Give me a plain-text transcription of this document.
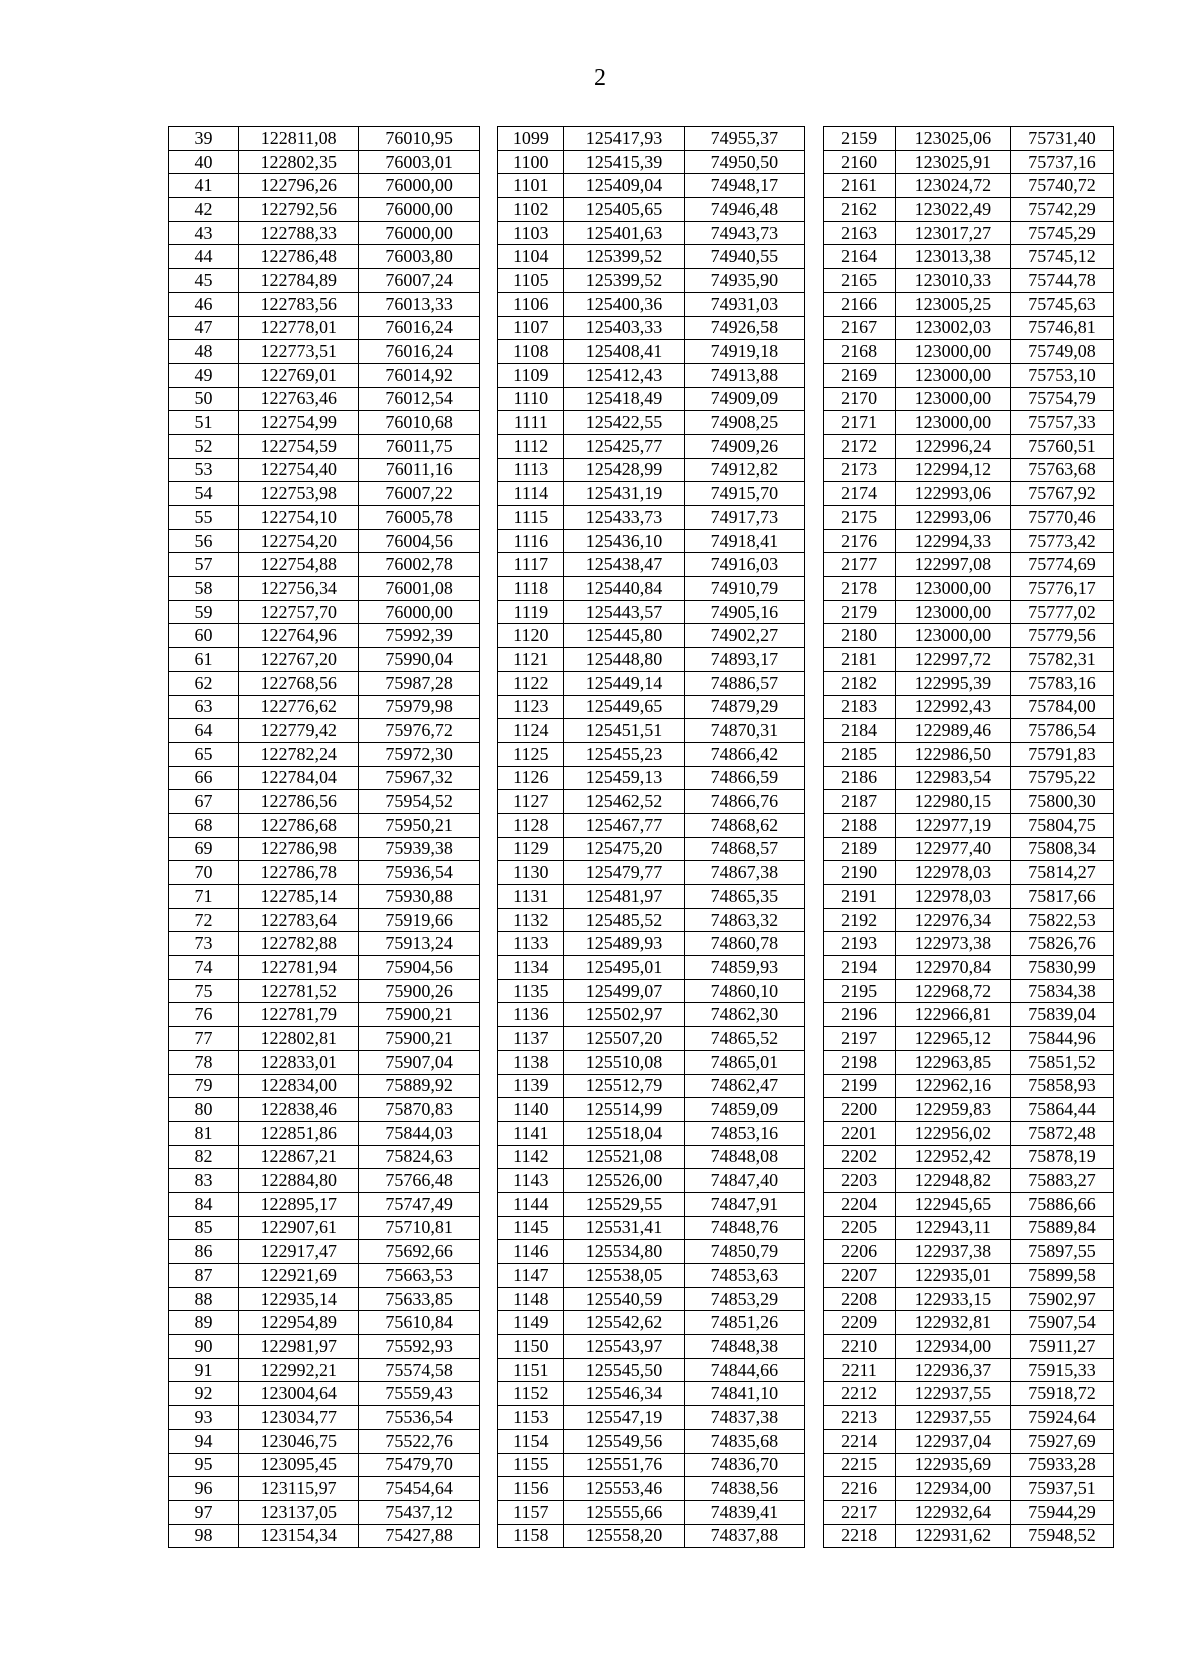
2
39	122811,08	76010,95		1099	125417,93	74955,37		2159	123025,06	75731,40
40	122802,35	76003,01		1100	125415,39	74950,50		2160	123025,91	75737,16
41	122796,26	76000,00		1101	125409,04	74948,17		2161	123024,72	75740,72
42	122792,56	76000,00		1102	125405,65	74946,48		2162	123022,49	75742,29
43	122788,33	76000,00		1103	125401,63	74943,73		2163	123017,27	75745,29
44	122786,48	76003,80		1104	125399,52	74940,55		2164	123013,38	75745,12
45	122784,89	76007,24		1105	125399,52	74935,90		2165	123010,33	75744,78
46	122783,56	76013,33		1106	125400,36	74931,03		2166	123005,25	75745,63
47	122778,01	76016,24		1107	125403,33	74926,58		2167	123002,03	75746,81
48	122773,51	76016,24		1108	125408,41	74919,18		2168	123000,00	75749,08
49	122769,01	76014,92		1109	125412,43	74913,88		2169	123000,00	75753,10
50	122763,46	76012,54		1110	125418,49	74909,09		2170	123000,00	75754,79
51	122754,99	76010,68		1111	125422,55	74908,25		2171	123000,00	75757,33
52	122754,59	76011,75		1112	125425,77	74909,26		2172	122996,24	75760,51
53	122754,40	76011,16		1113	125428,99	74912,82		2173	122994,12	75763,68
54	122753,98	76007,22		1114	125431,19	74915,70		2174	122993,06	75767,92
55	122754,10	76005,78		1115	125433,73	74917,73		2175	122993,06	75770,46
56	122754,20	76004,56		1116	125436,10	74918,41		2176	122994,33	75773,42
57	122754,88	76002,78		1117	125438,47	74916,03		2177	122997,08	75774,69
58	122756,34	76001,08		1118	125440,84	74910,79		2178	123000,00	75776,17
59	122757,70	76000,00		1119	125443,57	74905,16		2179	123000,00	75777,02
60	122764,96	75992,39		1120	125445,80	74902,27		2180	123000,00	75779,56
61	122767,20	75990,04		1121	125448,80	74893,17		2181	122997,72	75782,31
62	122768,56	75987,28		1122	125449,14	74886,57		2182	122995,39	75783,16
63	122776,62	75979,98		1123	125449,65	74879,29		2183	122992,43	75784,00
64	122779,42	75976,72		1124	125451,51	74870,31		2184	122989,46	75786,54
65	122782,24	75972,30		1125	125455,23	74866,42		2185	122986,50	75791,83
66	122784,04	75967,32		1126	125459,13	74866,59		2186	122983,54	75795,22
67	122786,56	75954,52		1127	125462,52	74866,76		2187	122980,15	75800,30
68	122786,68	75950,21		1128	125467,77	74868,62		2188	122977,19	75804,75
69	122786,98	75939,38		1129	125475,20	74868,57		2189	122977,40	75808,34
70	122786,78	75936,54		1130	125479,77	74867,38		2190	122978,03	75814,27
71	122785,14	75930,88		1131	125481,97	74865,35		2191	122978,03	75817,66
72	122783,64	75919,66		1132	125485,52	74863,32		2192	122976,34	75822,53
73	122782,88	75913,24		1133	125489,93	74860,78		2193	122973,38	75826,76
74	122781,94	75904,56		1134	125495,01	74859,93		2194	122970,84	75830,99
75	122781,52	75900,26		1135	125499,07	74860,10		2195	122968,72	75834,38
76	122781,79	75900,21		1136	125502,97	74862,30		2196	122966,81	75839,04
77	122802,81	75900,21		1137	125507,20	74865,52		2197	122965,12	75844,96
78	122833,01	75907,04		1138	125510,08	74865,01		2198	122963,85	75851,52
79	122834,00	75889,92		1139	125512,79	74862,47		2199	122962,16	75858,93
80	122838,46	75870,83		1140	125514,99	74859,09		2200	122959,83	75864,44
81	122851,86	75844,03		1141	125518,04	74853,16		2201	122956,02	75872,48
82	122867,21	75824,63		1142	125521,08	74848,08		2202	122952,42	75878,19
83	122884,80	75766,48		1143	125526,00	74847,40		2203	122948,82	75883,27
84	122895,17	75747,49		1144	125529,55	74847,91		2204	122945,65	75886,66
85	122907,61	75710,81		1145	125531,41	74848,76		2205	122943,11	75889,84
86	122917,47	75692,66		1146	125534,80	74850,79		2206	122937,38	75897,55
87	122921,69	75663,53		1147	125538,05	74853,63		2207	122935,01	75899,58
88	122935,14	75633,85		1148	125540,59	74853,29		2208	122933,15	75902,97
89	122954,89	75610,84		1149	125542,62	74851,26		2209	122932,81	75907,54
90	122981,97	75592,93		1150	125543,97	74848,38		2210	122934,00	75911,27
91	122992,21	75574,58		1151	125545,50	74844,66		2211	122936,37	75915,33
92	123004,64	75559,43		1152	125546,34	74841,10		2212	122937,55	75918,72
93	123034,77	75536,54		1153	125547,19	74837,38		2213	122937,55	75924,64
94	123046,75	75522,76		1154	125549,56	74835,68		2214	122937,04	75927,69
95	123095,45	75479,70		1155	125551,76	74836,70		2215	122935,69	75933,28
96	123115,97	75454,64		1156	125553,46	74838,56		2216	122934,00	75937,51
97	123137,05	75437,12		1157	125555,66	74839,41		2217	122932,64	75944,29
98	123154,34	75427,88		1158	125558,20	74837,88		2218	122931,62	75948,52
